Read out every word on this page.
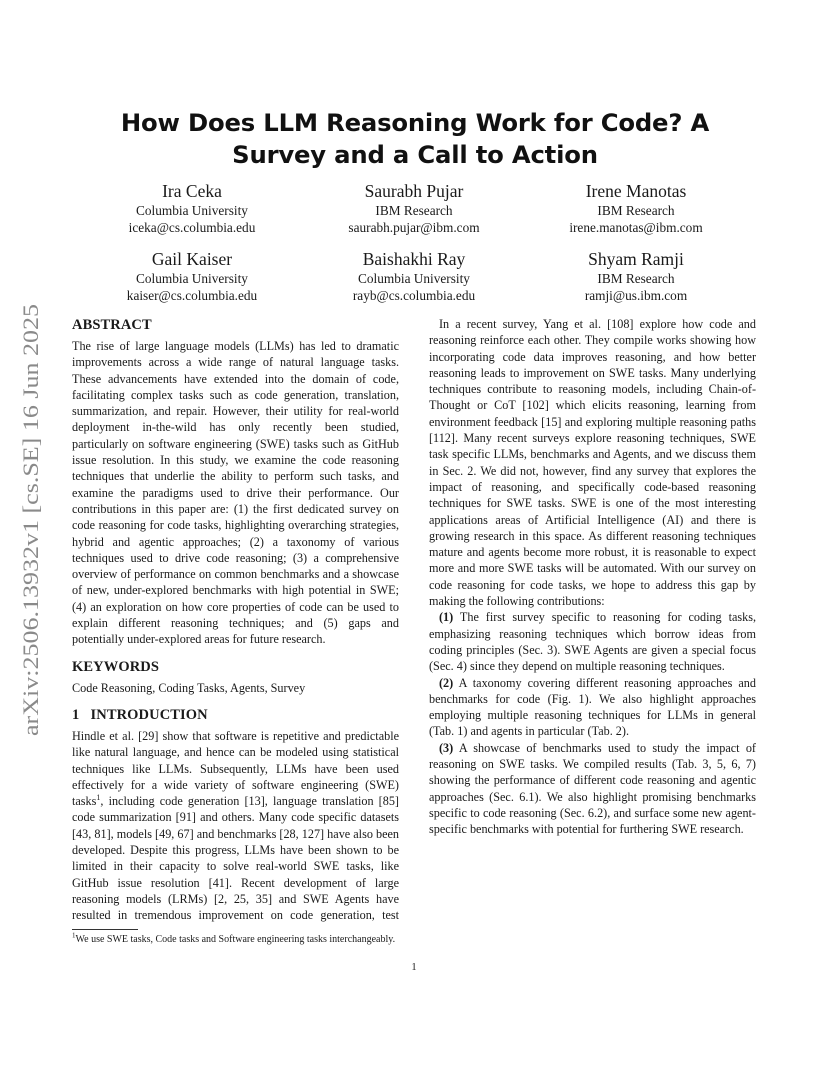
arXiv:2506.13932v1 [cs.SE] 16 Jun 2025
How Does LLM Reasoning Work for Code? A Survey and a Call to Action
Ira Ceka
Columbia University
iceka@cs.columbia.edu
Saurabh Pujar
IBM Research
saurabh.pujar@ibm.com
Irene Manotas
IBM Research
irene.manotas@ibm.com
Gail Kaiser
Columbia University
kaiser@cs.columbia.edu
Baishakhi Ray
Columbia University
rayb@cs.columbia.edu
Shyam Ramji
IBM Research
ramji@us.ibm.com
ABSTRACT

The rise of large language models (LLMs) has led to dramatic improvements across a wide range of natural language tasks. These advancements have extended into the domain of code, facilitating complex tasks such as code generation, translation, summarization, and repair. However, their utility for real-world deployment in-the-wild has only recently been studied, particularly on software engineering (SWE) tasks such as GitHub issue resolution. In this study, we examine the code reasoning techniques that underlie the ability to perform such tasks, and examine the paradigms used to drive their performance. Our contributions in this paper are: (1) the first dedicated survey on code reasoning for code tasks, highlighting overarching strategies, hybrid and agentic approaches; (2) a taxonomy of various techniques used to drive code reasoning; (3) a comprehensive overview of performance on common benchmarks and a showcase of new, under-explored benchmarks with high potential in SWE; (4) an exploration on how core properties of code can be used to explain different reasoning techniques; and (5) gaps and potentially under-explored areas for future research.

KEYWORDS

Code Reasoning, Coding Tasks, Agents, Survey

1   INTRODUCTION

Hindle et al. [29] show that software is repetitive and predictable like natural language, and hence can be modeled using statistical techniques like LLMs. Subsequently, LLMs have been used effectively for a wide variety of software engineering (SWE) tasks$^1$, including code generation [13], language translation [85] code summarization [91] and others. Many code specific datasets [43, 81], models [49, 67] and benchmarks [28, 127] have also been developed. Despite this progress, LLMs have been shown to be limited in their capacity to solve real-world SWE tasks, like GitHub issue resolution [41]. Recent development of large reasoning models (LRMs) [2, 25, 35] and SWE Agents have resulted in tremendous improvement on code generation, test

In a recent survey, Yang et al. [108] explore how code and reasoning reinforce each other. They compile works showing how incorporating code data improves reasoning, and how better reasoning leads to improvement on SWE tasks. Many underlying techniques contribute to reasoning models, including Chain-of-Thought or CoT [102] which elicits reasoning, learning from environment feedback [15] and exploring multiple reasoning paths [112]. Many recent surveys explore reasoning techniques, SWE task specific LLMs, benchmarks and Agents, and we discuss them in Sec. 2. We did not, however, find any survey that explores the impact of reasoning, and specifically code-based reasoning techniques for SWE tasks. SWE is one of the most interesting applications areas of Artificial Intelligence (AI) and there is growing research in this space. As different reasoning techniques mature and agents become more robust, it is reasonable to expect more and more SWE tasks will be automated. With our survey on code reasoning for code tasks, we hope to address this gap by making the following contributions:

(1) The first survey specific to reasoning for coding tasks, emphasizing reasoning techniques which borrow ideas from coding principles (Sec. 3). SWE Agents are given a special focus (Sec. 4) since they depend on multiple reasoning techniques.

(2) A taxonomy covering different reasoning approaches and benchmarks for code (Fig. 1). We also highlight approaches employing multiple reasoning techniques for LLMs in general (Tab. 1) and agents in particular (Tab. 2).

(3) A showcase of benchmarks used to study the impact of reasoning on SWE tasks. We compiled results (Tab. 3, 5, 6, 7) showing the performance of different code reasoning and agentic approaches (Sec. 6.1). We also highlight promising benchmarks specific to code reasoning (Sec. 6.2), and surface some new agent-specific benchmarks with potential for furthering SWE research.

$^1$We use SWE tasks, Code tasks and Software engineering tasks interchangeably.
1
